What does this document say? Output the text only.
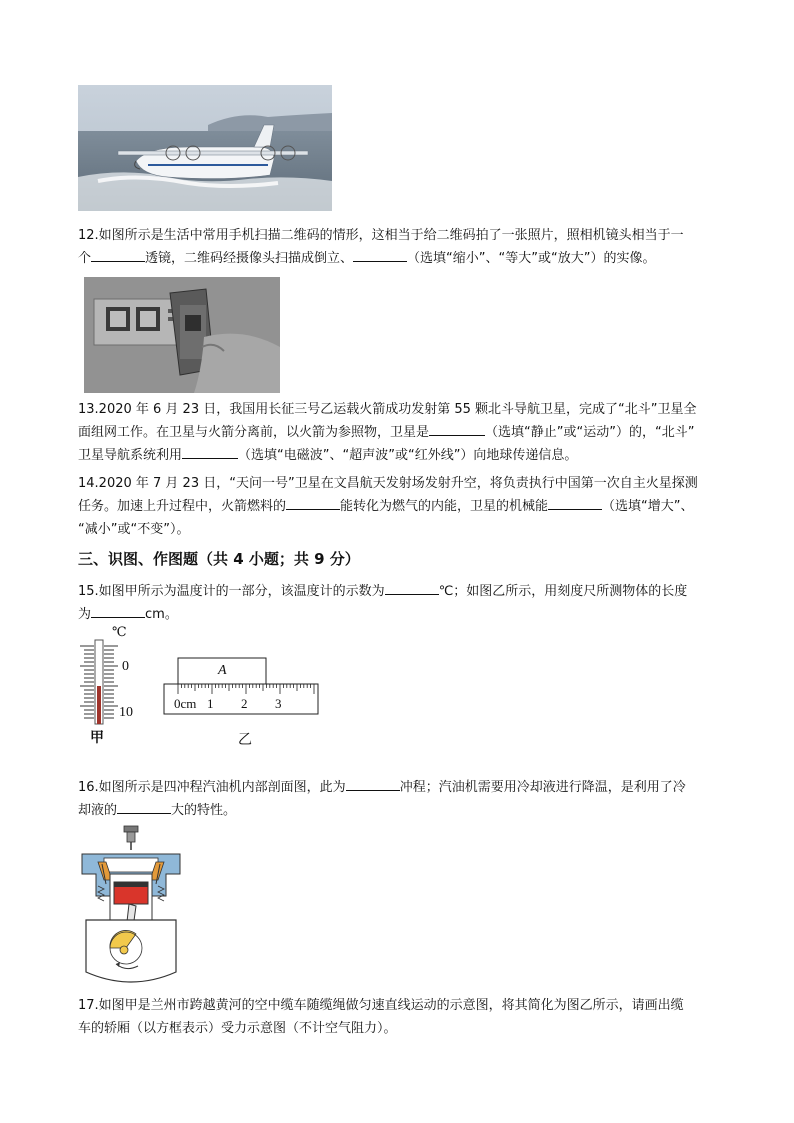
12.如图所示是生活中常用手机扫描二维码的情形，这相当于给二维码拍了一张照片，照相机镜头相当于一

个	透镜，二维码经摄像头扫描成倒立、	（选填“缩小”、“等大”或“放大”）的实像。

13.2020 年 6 月 23 日，我国用长征三号乙运载火箭成功发射第 55 颗北斗导航卫星，完成了“北斗”卫星全

面组网工作。在卫星与火箭分离前，以火箭为参照物，卫星是	（选填“静止”或“运动”）的，“北斗”

卫星导航系统利用	（选填“电磁波”、“超声波”或“红外线”）向地球传递信息。

14.2020 年 7 月 23 日，“天问一号”卫星在文昌航天发射场发射升空，将负责执行中国第一次自主火星探测

任务。加速上升过程中，火箭燃料的	能转化为燃气的内能，卫星的机械能	（选填“增大”、

“减小”或“不变”）。

三、识图、作图题（共 4 小题；共 9 分）

15.如图甲所示为温度计的一部分，该温度计的示数为	℃；如图乙所示，用刻度尺所测物体的长度

为	cm。

℃
0
10
甲
A
0cm 1 2 3
乙

16.如图所示是四冲程汽油机内部剖面图，此为	冲程；汽油机需要用冷却液进行降温，是利用了冷

却液的	大的特性。

17.如图甲是兰州市跨越黄河的空中缆车随缆绳做匀速直线运动的示意图，将其简化为图乙所示，请画出缆

车的轿厢（以方框表示）受力示意图（不计空气阻力）。
